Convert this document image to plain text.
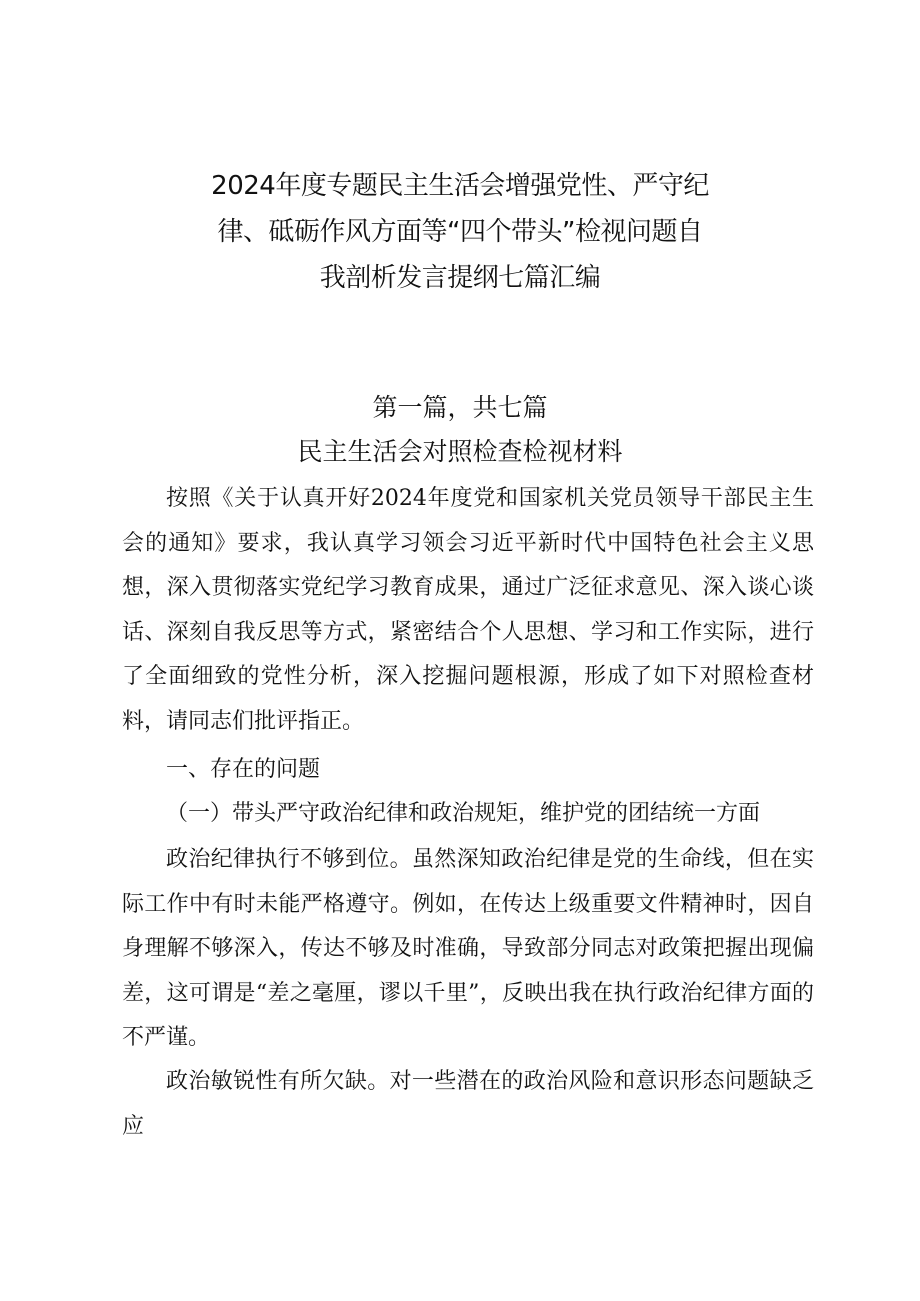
2024年度专题民主生活会增强党性、严守纪
律、砥砺作风方面等“四个带头”检视问题自
我剖析发言提纲七篇汇编
第一篇，共七篇
民主生活会对照检查检视材料

按照《关于认真开好2024年度党和国家机关党员领导干部民主生会的通知》要求，我认真学习领会习近平新时代中国特色社会主义思想，深入贯彻落实党纪学习教育成果，通过广泛征求意见、深入谈心谈话、深刻自我反思等方式，紧密结合个人思想、学习和工作实际，进行了全面细致的党性分析，深入挖掘问题根源，形成了如下对照检查材料，请同志们批评指正。

一、存在的问题

（一）带头严守政治纪律和政治规矩，维护党的团结统一方面

政治纪律执行不够到位。虽然深知政治纪律是党的生命线，但在实际工作中有时未能严格遵守。例如，在传达上级重要文件精神时，因自身理解不够深入，传达不够及时准确，导致部分同志对政策把握出现偏差，这可谓是“差之毫厘，谬以千里”，反映出我在执行政治纪律方面的不严谨。

政治敏锐性有所欠缺。对一些潜在的政治风险和意识形态问题缺乏应
